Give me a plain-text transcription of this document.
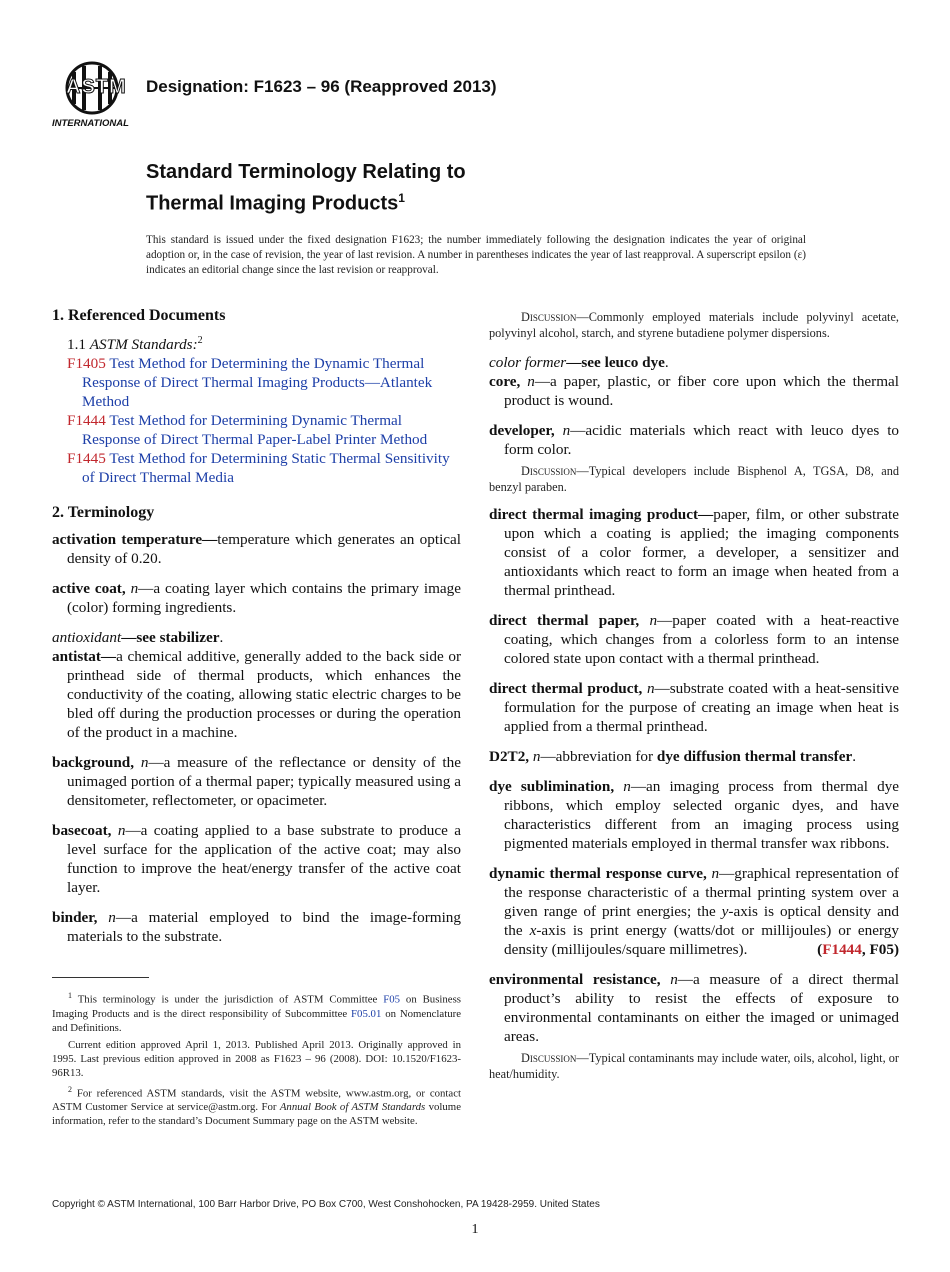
ASTM
INTERNATIONAL
Designation: F1623 – 96 (Reapproved 2013)
Standard Terminology Relating to
Thermal Imaging Products$^1$
This standard is issued under the fixed designation F1623; the number immediately following the designation indicates the year of original adoption or, in the case of revision, the year of last revision. A number in parentheses indicates the year of last reapproval. A superscript epsilon (ε) indicates an editorial change since the last revision or reapproval.
1. Referenced Documents
1.1 ASTM Standards:$^2$
F1405 Test Method for Determining the Dynamic Thermal Response of Direct Thermal Imaging Products—Atlantek Method
F1444 Test Method for Determining Dynamic Thermal Response of Direct Thermal Paper-Label Printer Method
F1445 Test Method for Determining Static Thermal Sensitivity of Direct Thermal Media
2. Terminology
activation temperature—temperature which generates an optical density of 0.20.
active coat, n—a coating layer which contains the primary image (color) forming ingredients.
antioxidant—see stabilizer.
antistat—a chemical additive, generally added to the back side or printhead side of thermal products, which enhances the conductivity of the coating, allowing static electric charges to be bled off during the production processes or during the operation of the product in a machine.
background, n—a measure of the reflectance or density of the unimaged portion of a thermal paper; typically measured using a densitometer, reflectometer, or opacimeter.
basecoat, n—a coating applied to a base substrate to produce a level surface for the application of the active coat; may also function to improve the heat/energy transfer of the active coat layer.
binder, n—a material employed to bind the image-forming materials to the substrate.

$^1$ This terminology is under the jurisdiction of ASTM Committee F05 on Business Imaging Products and is the direct responsibility of Subcommittee F05.01 on Nomenclature and Definitions.

Current edition approved April 1, 2013. Published April 2013. Originally approved in 1995. Last previous edition approved in 2008 as F1623 – 96 (2008). DOI: 10.1520/F1623-96R13.

$^2$ For referenced ASTM standards, visit the ASTM website, www.astm.org, or contact ASTM Customer Service at service@astm.org. For Annual Book of ASTM Standards volume information, refer to the standard’s Document Summary page on the ASTM website.

Discussion—Commonly employed materials include polyvinyl acetate, polyvinyl alcohol, starch, and styrene butadiene polymer dispersions.

color former—see leuco dye.
core, n—a paper, plastic, or fiber core upon which the thermal product is wound.
developer, n—acidic materials which react with leuco dyes to form color.

Discussion—Typical developers include Bisphenol A, TGSA, D8, and benzyl paraben.

direct thermal imaging product—paper, film, or other substrate upon which a coating is applied; the imaging components consist of a color former, a developer, a sensitizer and antioxidants which react to form an image when heated from a thermal printhead.
direct thermal paper, n—paper coated with a heat-reactive coating, which changes from a colorless form to an intense colored state upon contact with a thermal printhead.
direct thermal product, n—substrate coated with a heat-sensitive formulation for the purpose of creating an image when heat is applied from a thermal printhead.
D2T2, n—abbreviation for dye diffusion thermal transfer.
dye sublimination, n—an imaging process from thermal dye ribbons, which employ selected organic dyes, and have characteristics different from an imaging process using pigmented materials employed in thermal transfer wax ribbons.
dynamic thermal response curve, n—graphical representation of the response characteristic of a thermal printing system over a given range of print energies; the y-axis is optical density and the x-axis is print energy (watts/dot or millijoules) or energy density (millijoules/square millimetres).	(F1444, F05)
environmental resistance, n—a measure of a direct thermal product’s ability to resist the effects of exposure to environmental contaminants on either the imaged or unimaged areas.

Discussion—Typical contaminants may include water, oils, alcohol, light, or heat/humidity.

Copyright © ASTM International, 100 Barr Harbor Drive, PO Box C700, West Conshohocken, PA 19428-2959. United States
1
